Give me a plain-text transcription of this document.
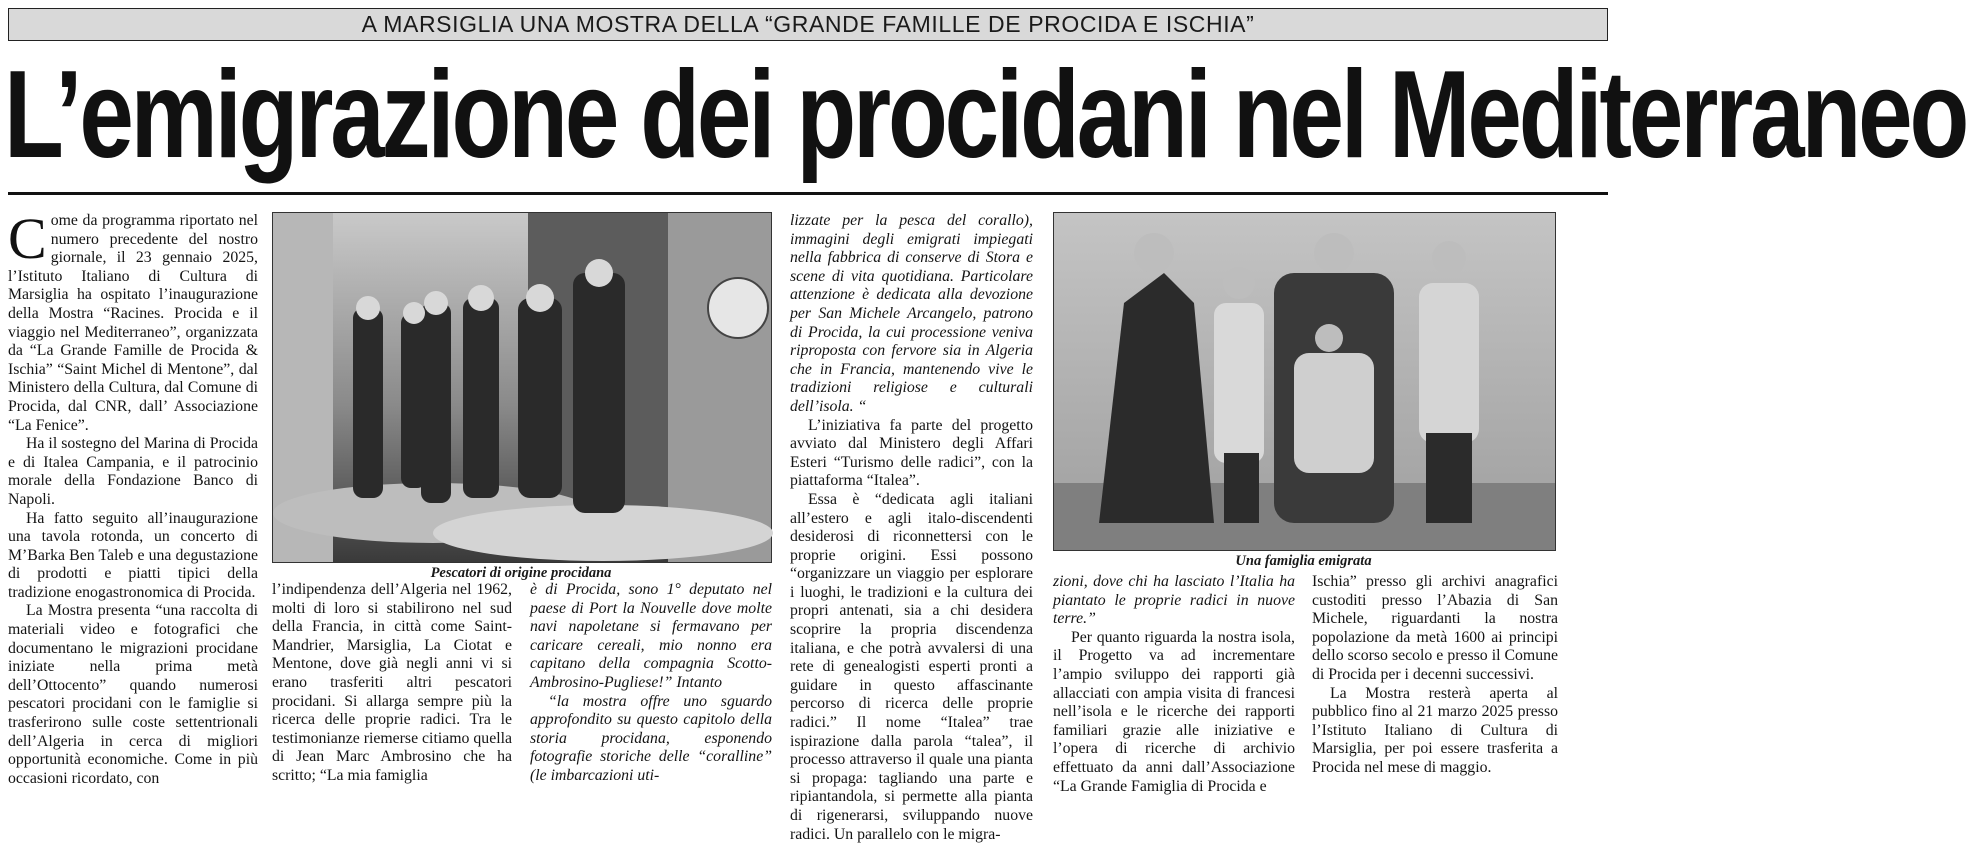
A MARSIGLIA UNA MOSTRA DELLA “GRANDE FAMILLE DE PROCIDA E ISCHIA”
L’emigrazione dei procidani nel Mediterraneo

Come da programma riportato nel numero precedente del nostro giornale, il 23 gennaio 2025, l’Istituto Italiano di Cultura di Marsiglia ha ospitato l’inaugurazione della Mostra “Racines. Procida e il viaggio nel Mediterraneo”, organizzata da “La Grande Famille de Procida & Ischia” “Saint Michel di Mentone”, dal Ministero della Cultura, dal Comune di Procida, dal CNR, dall’ Associazione “La Fenice”.

Ha il sostegno del Marina di Procida e di Italea Campania, e il patrocinio morale della Fondazione Banco di Napoli.

Ha fatto seguito all’inaugurazione una tavola rotonda, un concerto di M’Barka Ben Taleb e una degustazione di prodotti e piatti tipici della tradizione enogastronomica di Procida.

La Mostra presenta “una raccolta di materiali video e fotografici che documentano le migrazioni procidane iniziate nella prima metà dell’Ottocento” quando numerosi pescatori procidani con le famiglie si trasferirono sulle coste settentrionali dell’Algeria in cerca di migliori opportunità economiche. Come in più occasioni ricordato, con

Pescatori di origine procidana

l’indipendenza dell’Algeria nel 1962, molti di loro si stabilirono nel sud della Francia, in città come Saint-Mandrier, Marsiglia, La Ciotat e Mentone, dove già negli anni vi si erano trasferiti altri pescatori procidani. Si allarga sempre più la ricerca delle proprie radici. Tra le testimonianze riemerse citiamo quella di Jean Marc Ambrosino che ha scritto; “La mia famiglia

è di Procida, sono 1° deputato nel paese di Port la Nouvelle dove molte navi napoletane si fermavano per caricare cereali, mio nonno era capitano della compagnia Scotto-Ambrosino-Pugliese!” Intanto

“la mostra offre uno sguardo approfondito su questo capitolo della storia procidana, esponendo fotografie storiche delle “coralline” (le imbarcazioni uti-

lizzate per la pesca del corallo), immagini degli emigrati impiegati nella fabbrica di conserve di Stora e scene di vita quotidiana. Particolare attenzione è dedicata alla devozione per San Michele Arcangelo, patrono di Procida, la cui processione veniva riproposta con fervore sia in Algeria che in Francia, mantenendo vive le tradizioni religiose e culturali dell’isola. “

L’iniziativa fa parte del progetto avviato dal Ministero degli Affari Esteri “Turismo delle radici”, con la piattaforma “Italea”.

Essa è “dedicata agli italiani all’estero e agli italo-discendenti desiderosi di riconnettersi con le proprie origini. Essi possono “organizzare un viaggio per esplorare i luoghi, le tradizioni e la cultura dei propri antenati, sia a chi desidera scoprire la propria discendenza italiana, e che potrà avvalersi di una rete di genealogisti esperti pronti a guidare in questo affascinante percorso di ricerca delle proprie radici.” Il nome “Italea” trae ispirazione dalla parola “talea”, il processo attraverso il quale una pianta si propaga: tagliando una parte e ripiantandola, si permette alla pianta di rigenerarsi, sviluppando nuove radici. Un parallelo con le migra-

Una famiglia emigrata

zioni, dove chi ha lasciato l’Italia ha piantato le proprie radici in nuove terre.”

Per quanto riguarda la nostra isola, il Progetto va ad incrementare l’ampio sviluppo dei rapporti già allacciati con ampia visita di francesi nell’isola e le ricerche dei rapporti familiari grazie alle iniziative e l’opera di ricerche di archivio effettuato da anni dall’Associazione “La Grande Famiglia di Procida e

Ischia” presso gli archivi anagrafici custoditi presso l’Abazia di San Michele, riguardanti la nostra popolazione da metà 1600 ai principi dello scorso secolo e presso il Comune di Procida per i decenni successivi.

La Mostra resterà aperta al pubblico fino al 21 marzo 2025 presso l’Istituto Italiano di Cultura di Marsiglia, per poi essere trasferita a Procida nel mese di maggio.
